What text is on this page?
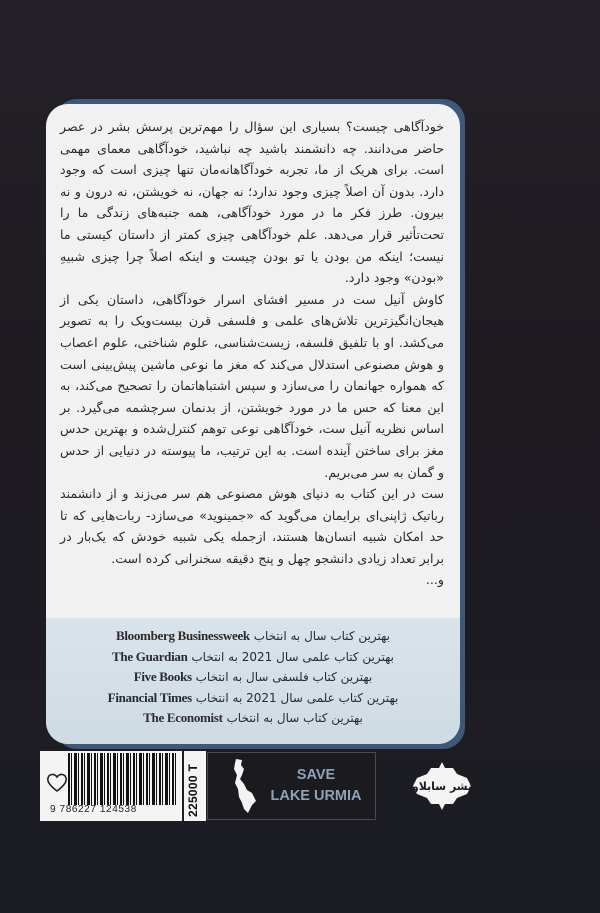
خودآگاهی چیست؟ بسیاری این سؤال را مهم‌ترین پرسش بشر در عصر حاضر می‌دانند. چه دانشمند باشید چه نباشید، خودآگاهی معمای مهمی است. برای هریک از ما، تجربه خودآگاهانه‌مان تنها چیزی است که وجود دارد. بدون آن اصلاً چیزی وجود ندارد؛ نه جهان، نه خویشتن، نه درون و نه بیرون. طرز فکر ما در مورد خودآگاهی، همه جنبه‌های زندگی ما را تحت‌تأثیر قرار می‌دهد. علم خودآگاهی چیزی کمتر از داستان کیستی ما نیست؛ اینکه من بودن یا تو بودن چیست و اینکه اصلاً چرا چیزی شبیهِ «بودن» وجود دارد.

کاوش آنیل ست در مسیر افشای اسرار خودآگاهی، داستان یکی از هیجان‌انگیزترین تلاش‌های علمی و فلسفی قرن بیست‌ویک را به تصویر می‌کشد. او با تلفیق فلسفه، زیست‌شناسی، علوم شناختی، علوم اعصاب و هوش مصنوعی استدلال می‌کند که مغز ما نوعی ماشین پیش‌بینی است که همواره جهانمان را می‌سازد و سپس اشتباهاتمان را تصحیح می‌کند، به این معنا که حس ما در مورد خویشتن، از بدنمان سرچشمه می‌گیرد. بر اساس نظریه آنیل ست، خودآگاهی نوعی توهم کنترل‌شده و بهترین حدس مغز برای ساختن آینده است. به این ترتیب، ما پیوسته در دنیایی از حدس و گمان به سر می‌بریم.

ست در این کتاب به دنیای هوش مصنوعی هم سر می‌زند و از دانشمند رباتیک ژاپنی‌ای برایمان می‌گوید که «جمینوید» می‌سازد- ربات‌هایی که تا حد امکان شبیه انسان‌ها هستند، ازجمله یکی شبیه خودش که یک‌بار در برابر تعداد زیادی دانشجو چهل و پنج دقیقه سخنرانی کرده است.

و...

بهترین کتاب سال به انتخاب Bloomberg Businessweek
بهترین کتاب علمی سال 2021 به انتخاب The Guardian
بهترین کتاب فلسفی سال به انتخاب Five Books
بهترین کتاب علمی سال 2021 به انتخاب Financial Times
بهترین کتاب سال به انتخاب The Economist
9 786227 124538	225000 T	SAVE
LAKE URMIA
نشر سابلاو
